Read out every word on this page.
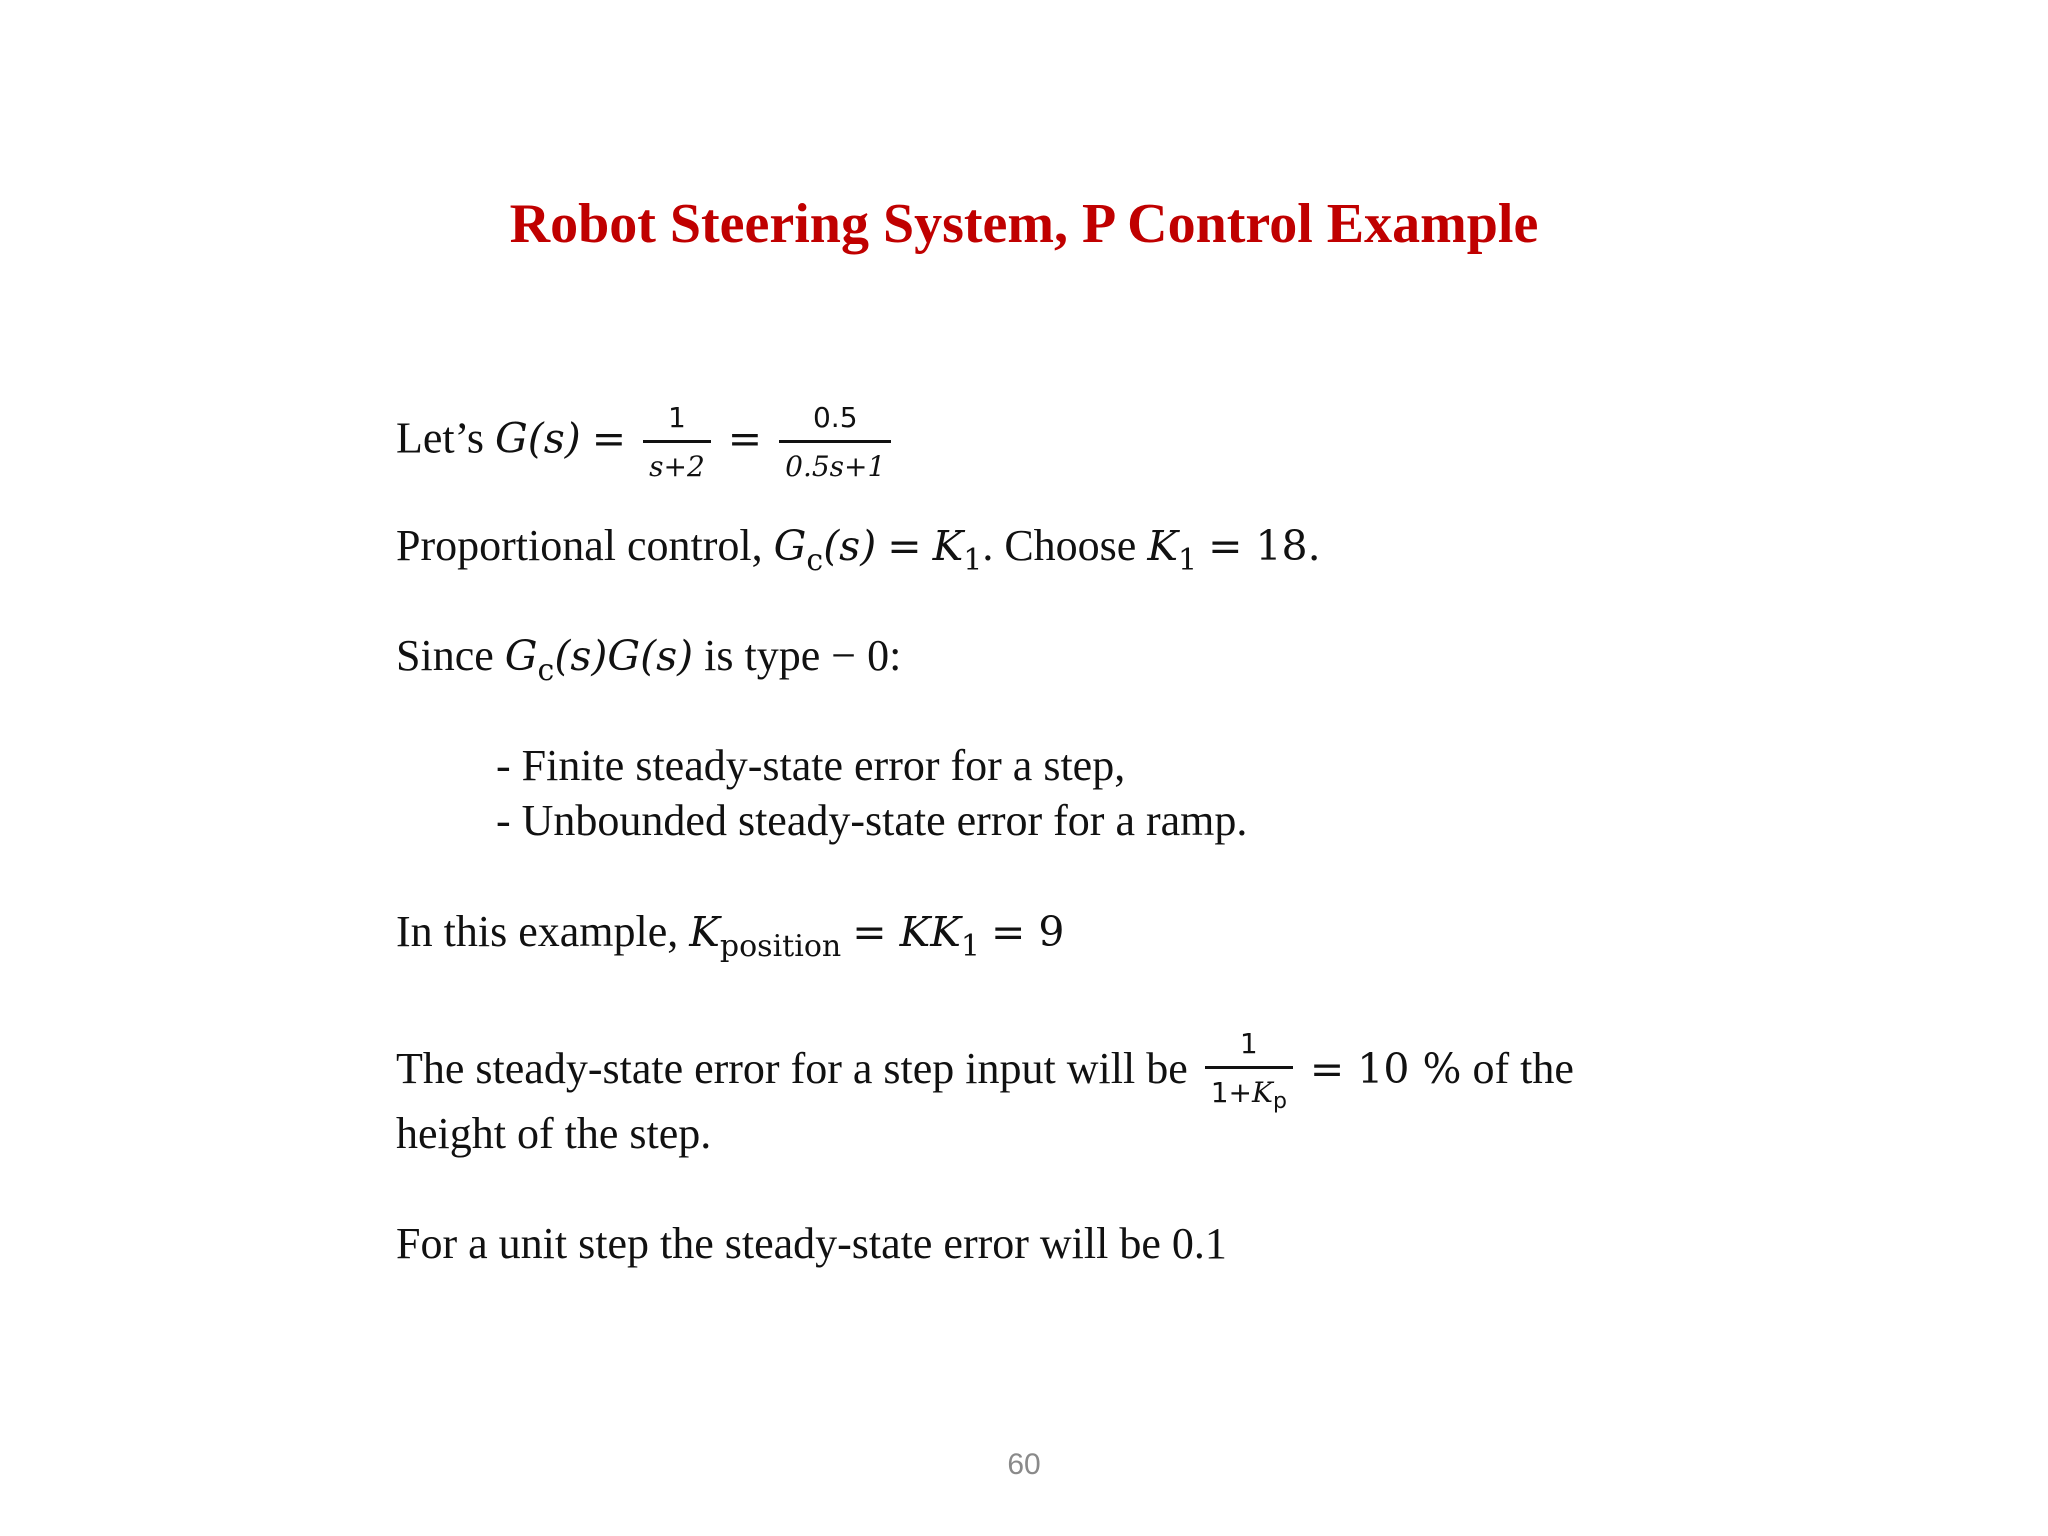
Robot Steering System, P Control Example
Let’s $G(s) = \frac{1}{s+2} = \frac{0.5}{0.5s+1}$
Proportional control, $G_c(s) = K_1$. Choose $K_1 = 18$.
Since $G_c(s)G(s)$ is type − 0:
- Finite steady-state error for a step,
- Unbounded steady-state error for a ramp.
In this example, $K_{position} = KK_1 = 9$
The steady-state error for a step input will be $\frac{1}{1+K_p} = 10$ % of the
height of the step.
For a unit step the steady-state error will be 0.1
60
